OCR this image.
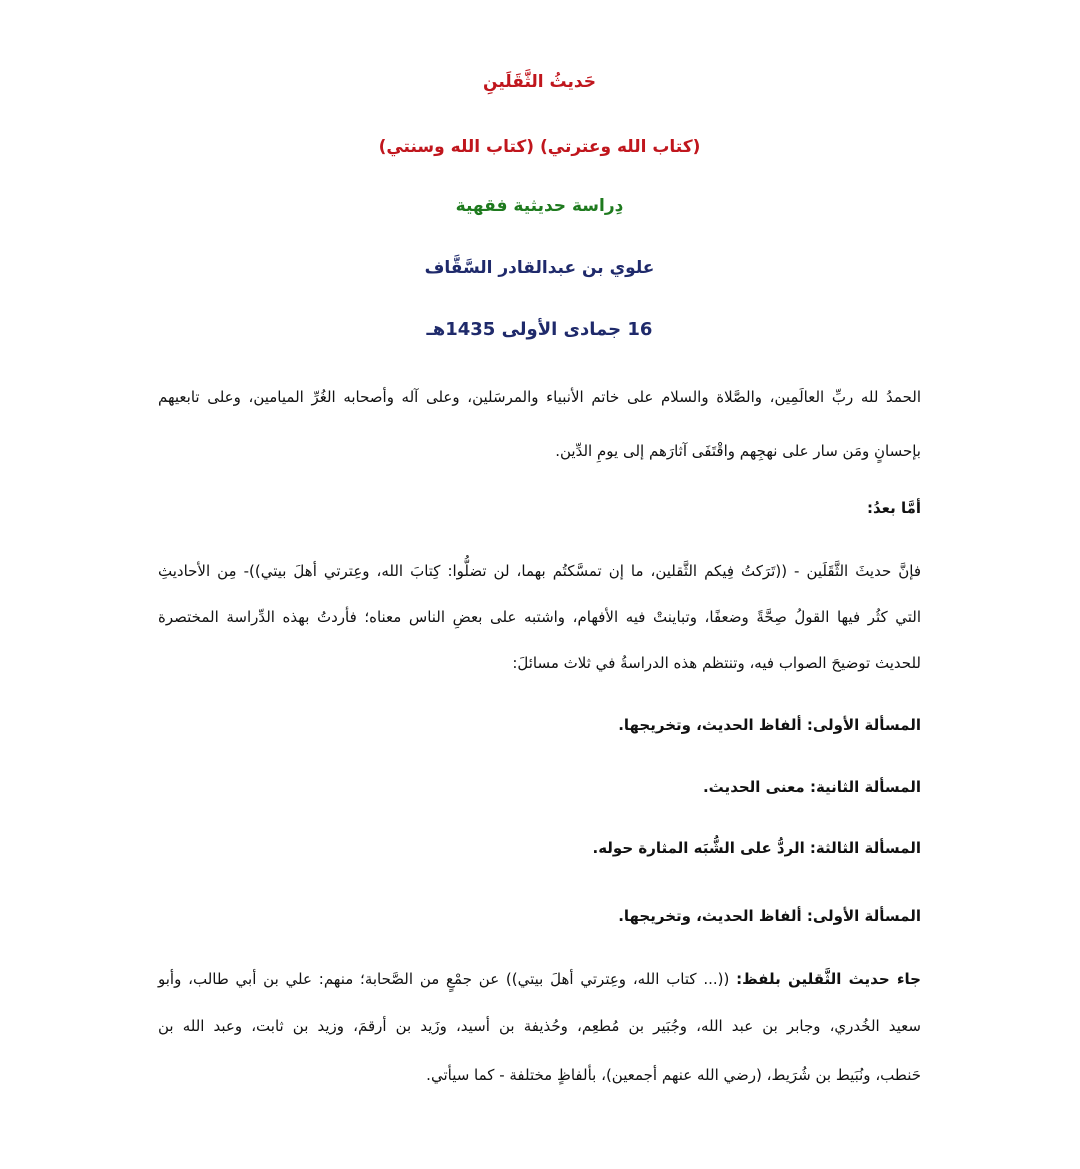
حَديثُ الثَّقَلَينِ

(كتاب الله وعترتي) (كتاب الله وسنتي)

دِراسة حديثية فقهية

علوي بن عبدالقادر السَّقَّاف

16 جمادى الأولى 1435هـ

الحمدُ لله ربِّ العالَمِين، والصَّلاة والسلام على خاتم الأنبياء والمرسَلين، وعلى آله وأصحابه الغُرِّ الميامين، وعلى تابعيهم

بإحسانٍ ومَن سار على نهجِهم واقْتَفَى آثارَهم إلى يومِ الدِّين.

أمَّا بعدُ:

فإنَّ حديثَ الثَّقَلَين - ((تَرَكتُ فِيكم الثَّقلين، ما إن تمسَّكتُم بهما، لن تضلُّوا: كِتابَ الله، وعِترتي أهلَ بيتي))- مِن الأحاديثِ

التي كثُر فيها القولُ صِحَّةً وضعفًا، وتباينتْ فيه الأفهام، واشتبه على بعضِ الناس معناه؛ فأردتُ بهذه الدِّراسة المختصرة

للحديث توضيحَ الصواب فيه، وتنتظم هذه الدراسةُ في ثلاث مسائلَ:

المسألة الأولى: ألفاظ الحديث، وتخريجها.

المسألة الثانية: معنى الحديث.

المسألة الثالثة: الردُّ على الشُّبَه المثارة حوله.

المسألة الأولى: ألفاظ الحديث، وتخريجها.

جاء حديث الثَّقلين بلفظ: ((... كتاب الله، وعِترتي أهلَ بيتي)) عن جمْعٍ من الصَّحابة؛ منهم: علي بن أبي طالب، وأبو

سعيد الخُدري، وجابر بن عبد الله، وجُبَير بن مُطعِم، وحُذيفة بن أسيد، وزَيد بن أرقمَ، وزيد بن ثابت، وعبد الله بن

حَنطب، ونُبَيط بن شُرَيط، (رضي الله عنهم أجمعين)، بألفاظٍ مختلفة - كما سيأتي.
